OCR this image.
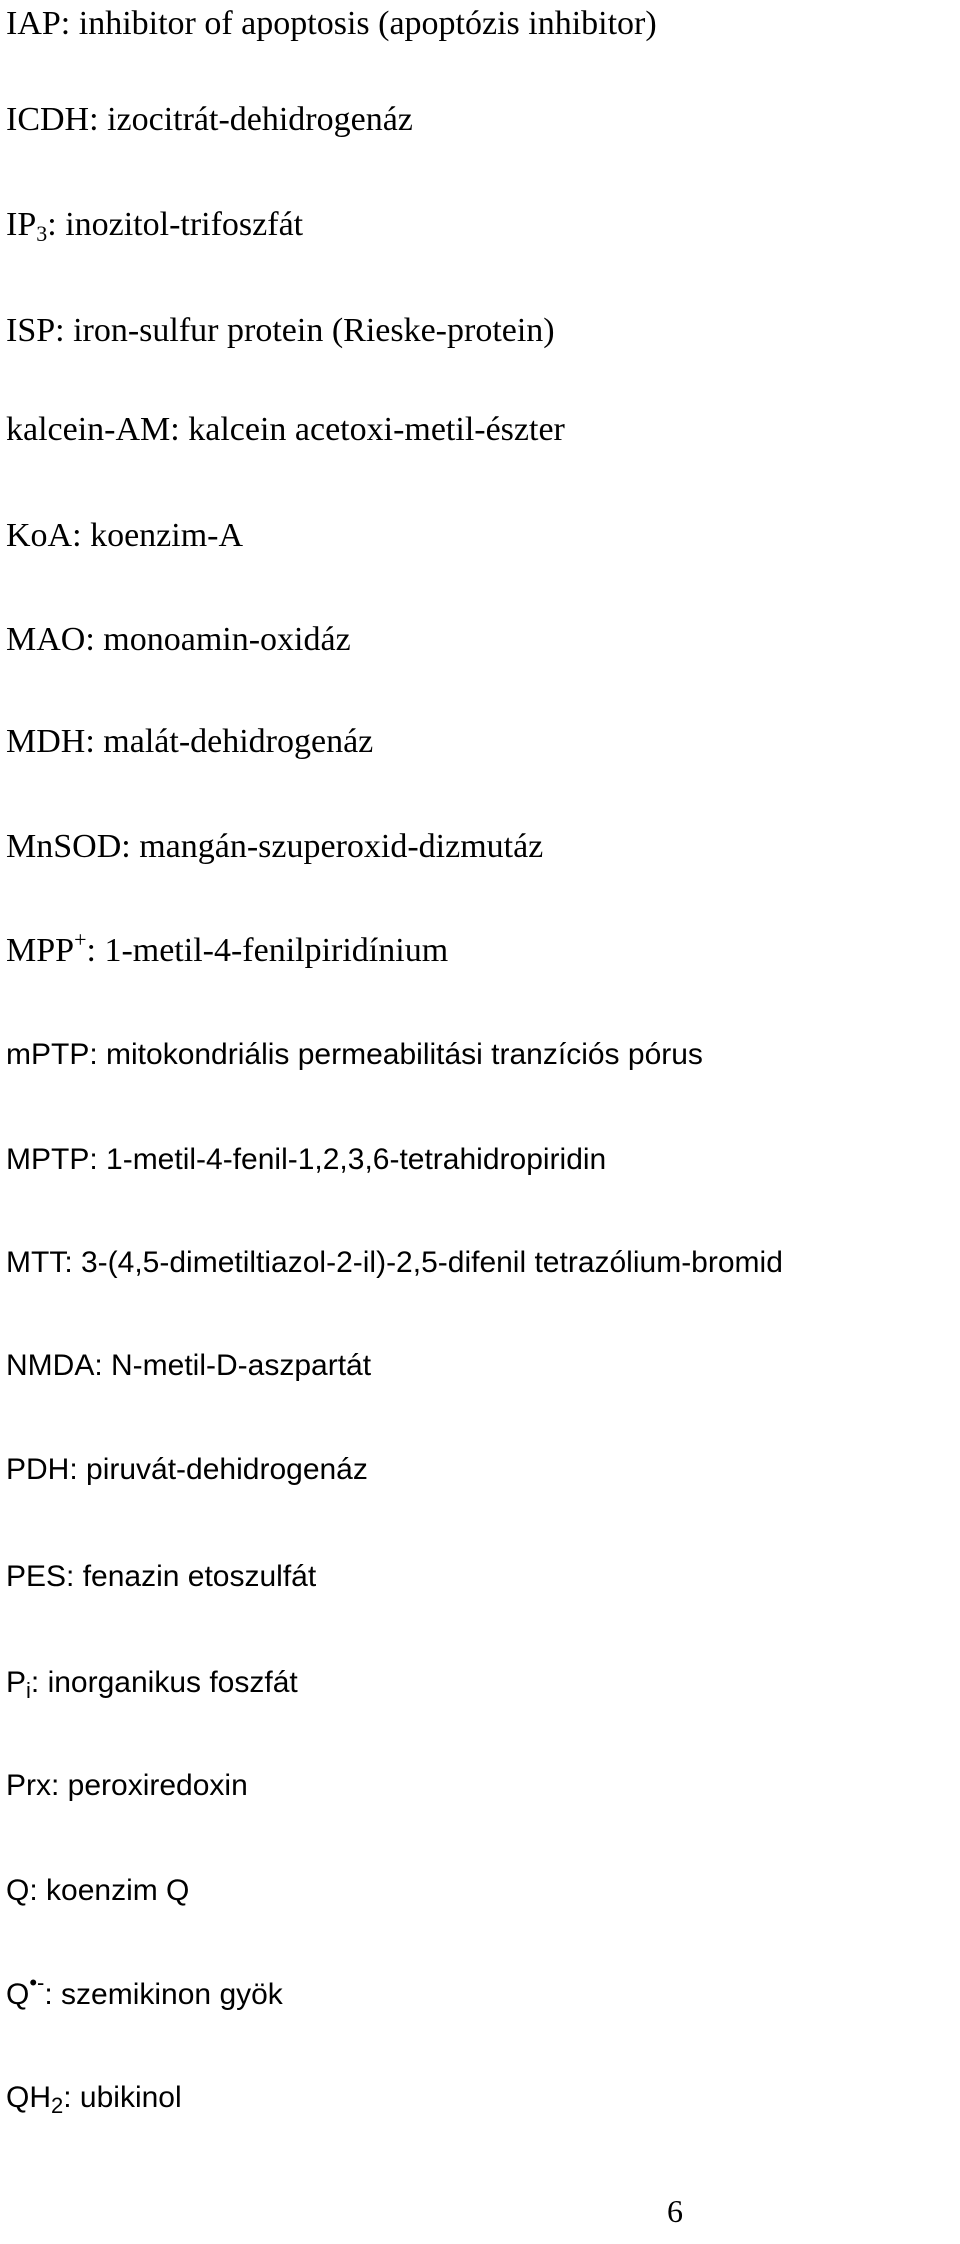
IAP: inhibitor of apoptosis (apoptózis inhibitor)
ICDH: izocitrát-dehidrogenáz
$IP_3$: inozitol-trifoszfát
ISP: iron-sulfur protein (Rieske-protein)
kalcein-AM: kalcein acetoxi-metil-észter
KoA: koenzim-A
MAO: monoamin-oxidáz
MDH: malát-dehidrogenáz
MnSOD: mangán-szuperoxid-dizmutáz
MPP+: 1-metil-4-fenilpiridínium
mPTP: mitokondriális permeabilitási tranzíciós pórus
MPTP: 1-metil-4-fenil-1,2,3,6-tetrahidropiridin
MTT: 3-(4,5-dimetiltiazol-2-il)-2,5-difenil tetrazólium-bromid
NMDA: N-metil-D-aszpartát
PDH: piruvát-dehidrogenáz
PES: fenazin etoszulfát
$P_i$: inorganikus foszfát
Prx: peroxiredoxin
Q: koenzim Q
Q•-: szemikinon gyök
$QH_2$: ubikinol
6
